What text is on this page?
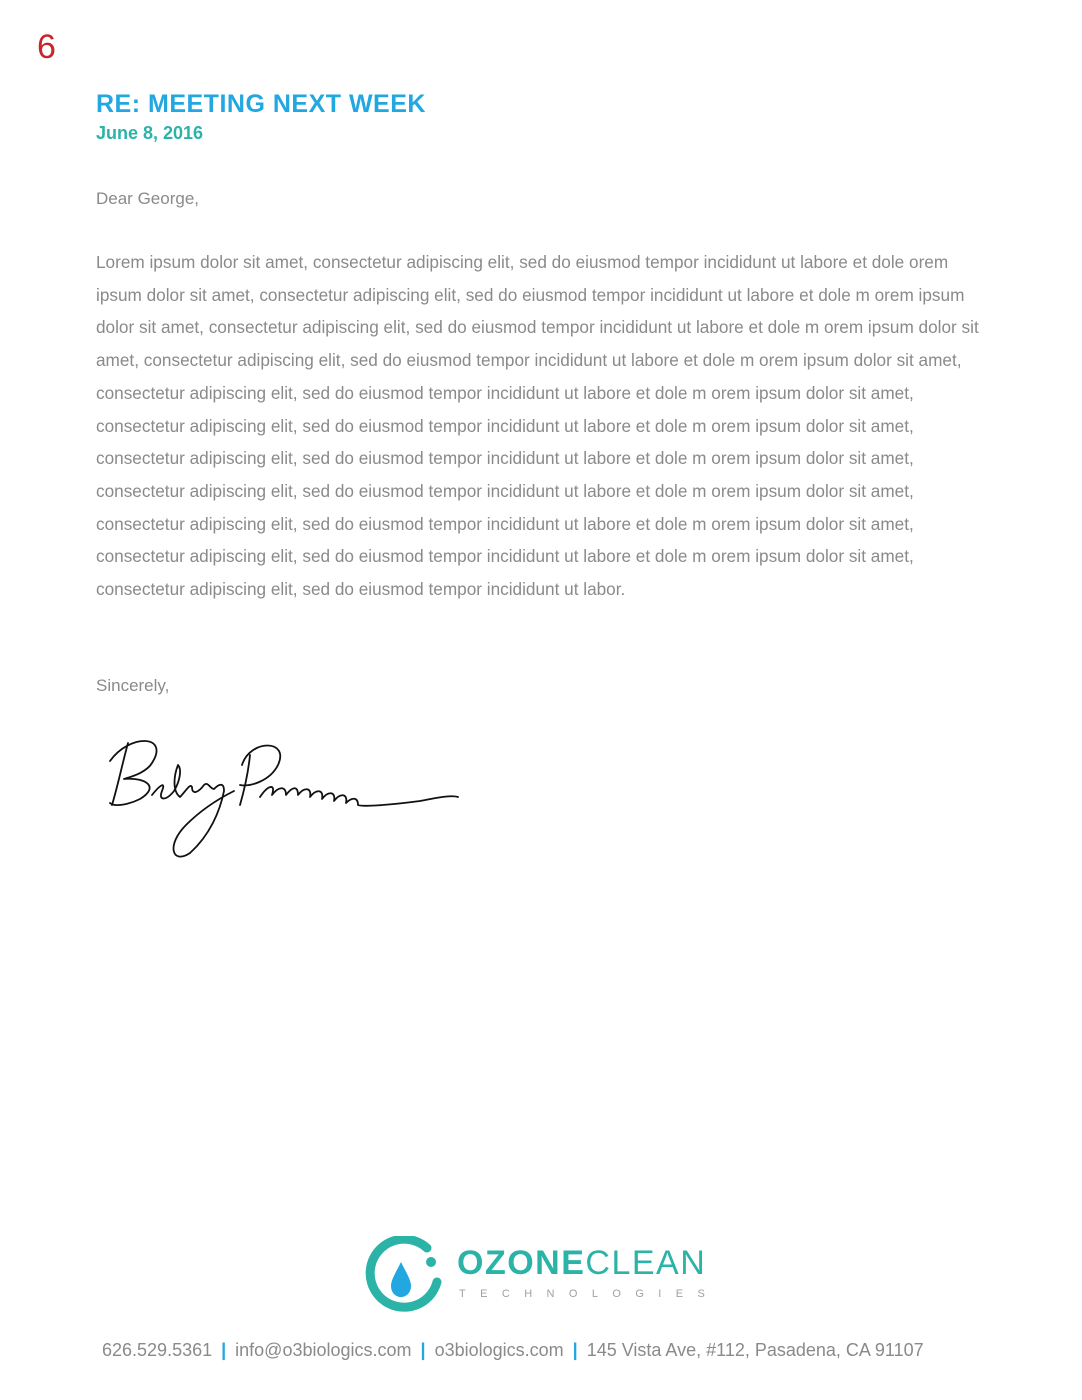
6
RE: MEETING NEXT WEEK
June 8, 2016
Dear George,

Lorem ipsum dolor sit amet, consectetur adipiscing elit, sed do eiusmod tempor incididunt ut labore et dole orem ipsum dolor sit amet, consectetur adipiscing elit, sed do eiusmod tempor incididunt ut labore et dole m orem ipsum dolor sit amet, consectetur adipiscing elit, sed do eiusmod tempor incididunt ut labore et dole m orem ipsum dolor sit amet, consectetur adipiscing elit, sed do eiusmod tempor incididunt ut labore et dole m orem ipsum dolor sit amet, consectetur adipiscing elit, sed do eiusmod tempor incididunt ut labore et dole m orem ipsum dolor sit amet, consectetur adipiscing elit, sed do eiusmod tempor incididunt ut labore et dole m orem ipsum dolor sit amet, consectetur adipiscing elit, sed do eiusmod tempor incididunt ut labore et dole m orem ipsum dolor sit amet, consectetur adipiscing elit, sed do eiusmod tempor incididunt ut labore et dole m orem ipsum dolor sit amet, consectetur adipiscing elit, sed do eiusmod tempor incididunt ut labore et dole m orem ipsum dolor sit amet, consectetur adipiscing elit, sed do eiusmod tempor incididunt ut labore et dole m orem ipsum dolor sit amet, consectetur adipiscing elit, sed do eiusmod tempor incididunt ut labor.

Sincerely,
OZONECLEAN
TECHNOLOGIES
626.529.5361 | info@o3biologics.com | o3biologics.com | 145 Vista Ave, #112, Pasadena, CA 91107
